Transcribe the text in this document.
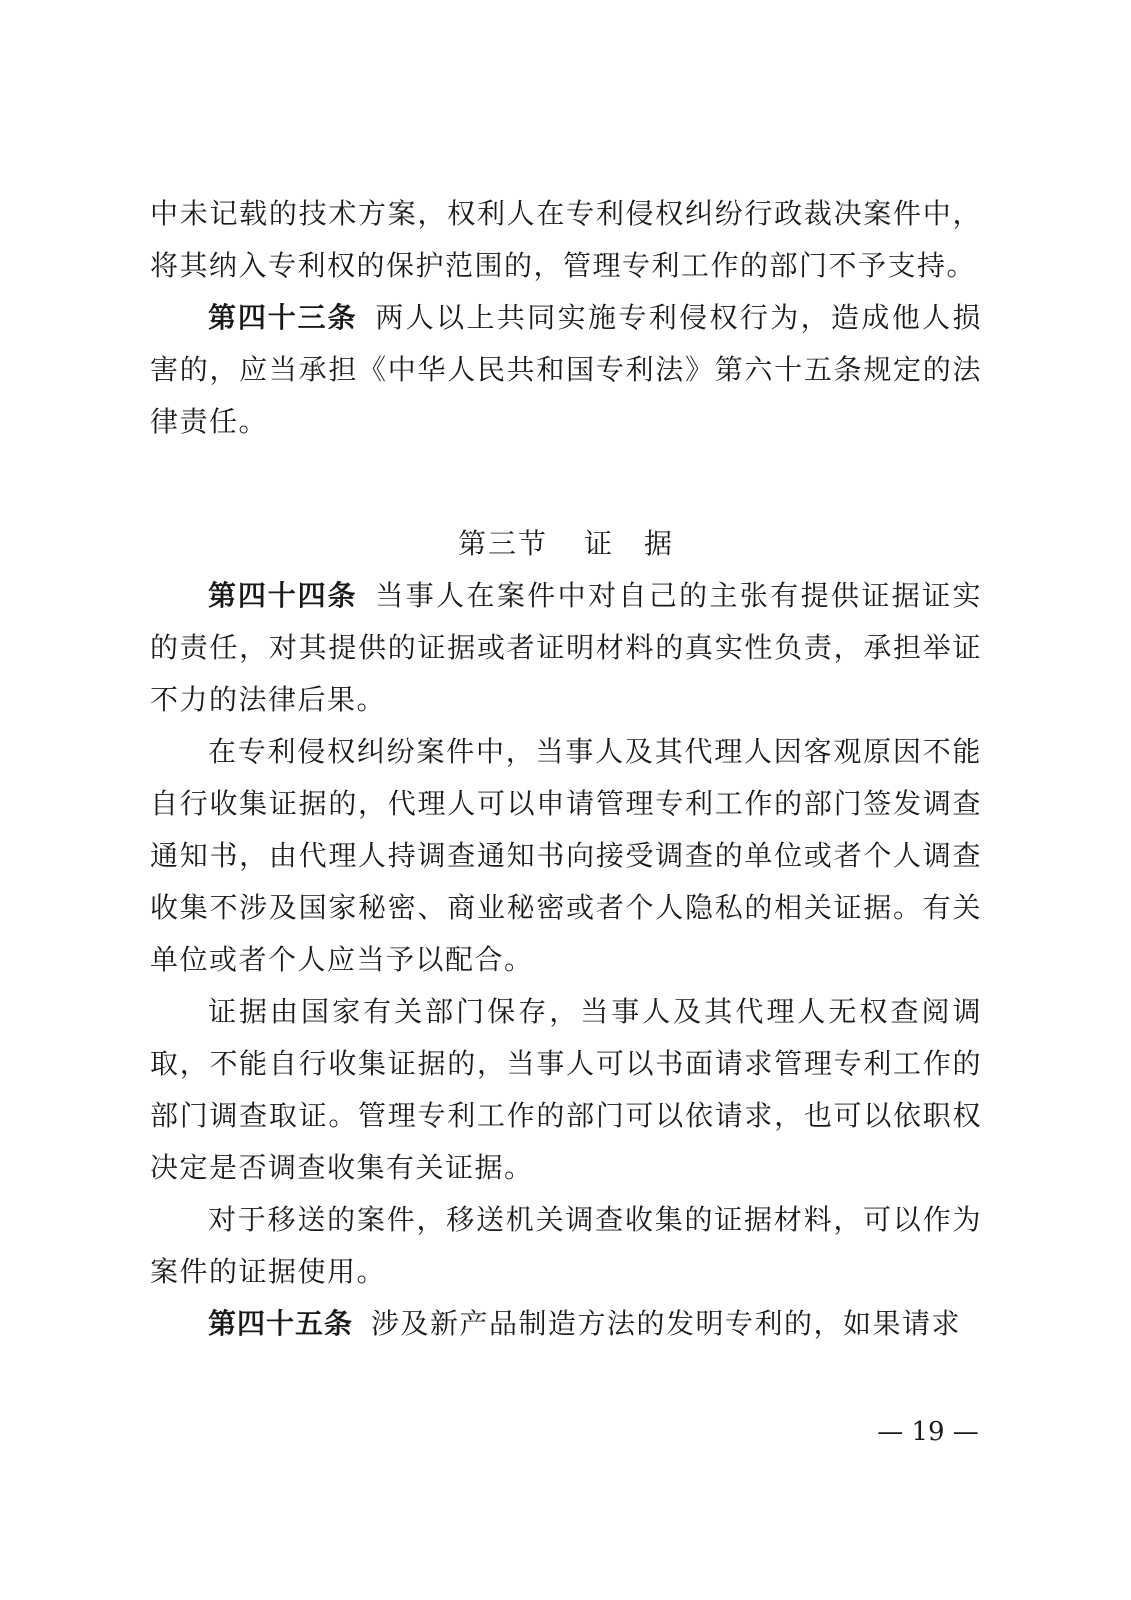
中未记载的技术方案，权利人在专利侵权纠纷行政裁决案件中，将其纳入专利权的保护范围的，管理专利工作的部门不予支持。

第四十三条 两人以上共同实施专利侵权行为，造成他人损害的，应当承担《中华人民共和国专利法》第六十五条规定的法律责任。

第三节 证　据

第四十四条 当事人在案件中对自己的主张有提供证据证实的责任，对其提供的证据或者证明材料的真实性负责，承担举证不力的法律后果。

在专利侵权纠纷案件中，当事人及其代理人因客观原因不能自行收集证据的，代理人可以申请管理专利工作的部门签发调查通知书，由代理人持调查通知书向接受调查的单位或者个人调查收集不涉及国家秘密、商业秘密或者个人隐私的相关证据。有关单位或者个人应当予以配合。

证据由国家有关部门保存，当事人及其代理人无权查阅调取，不能自行收集证据的，当事人可以书面请求管理专利工作的部门调查取证。管理专利工作的部门可以依请求，也可以依职权决定是否调查收集有关证据。

对于移送的案件，移送机关调查收集的证据材料，可以作为案件的证据使用。

第四十五条 涉及新产品制造方法的发明专利的，如果请求

— 19 —
